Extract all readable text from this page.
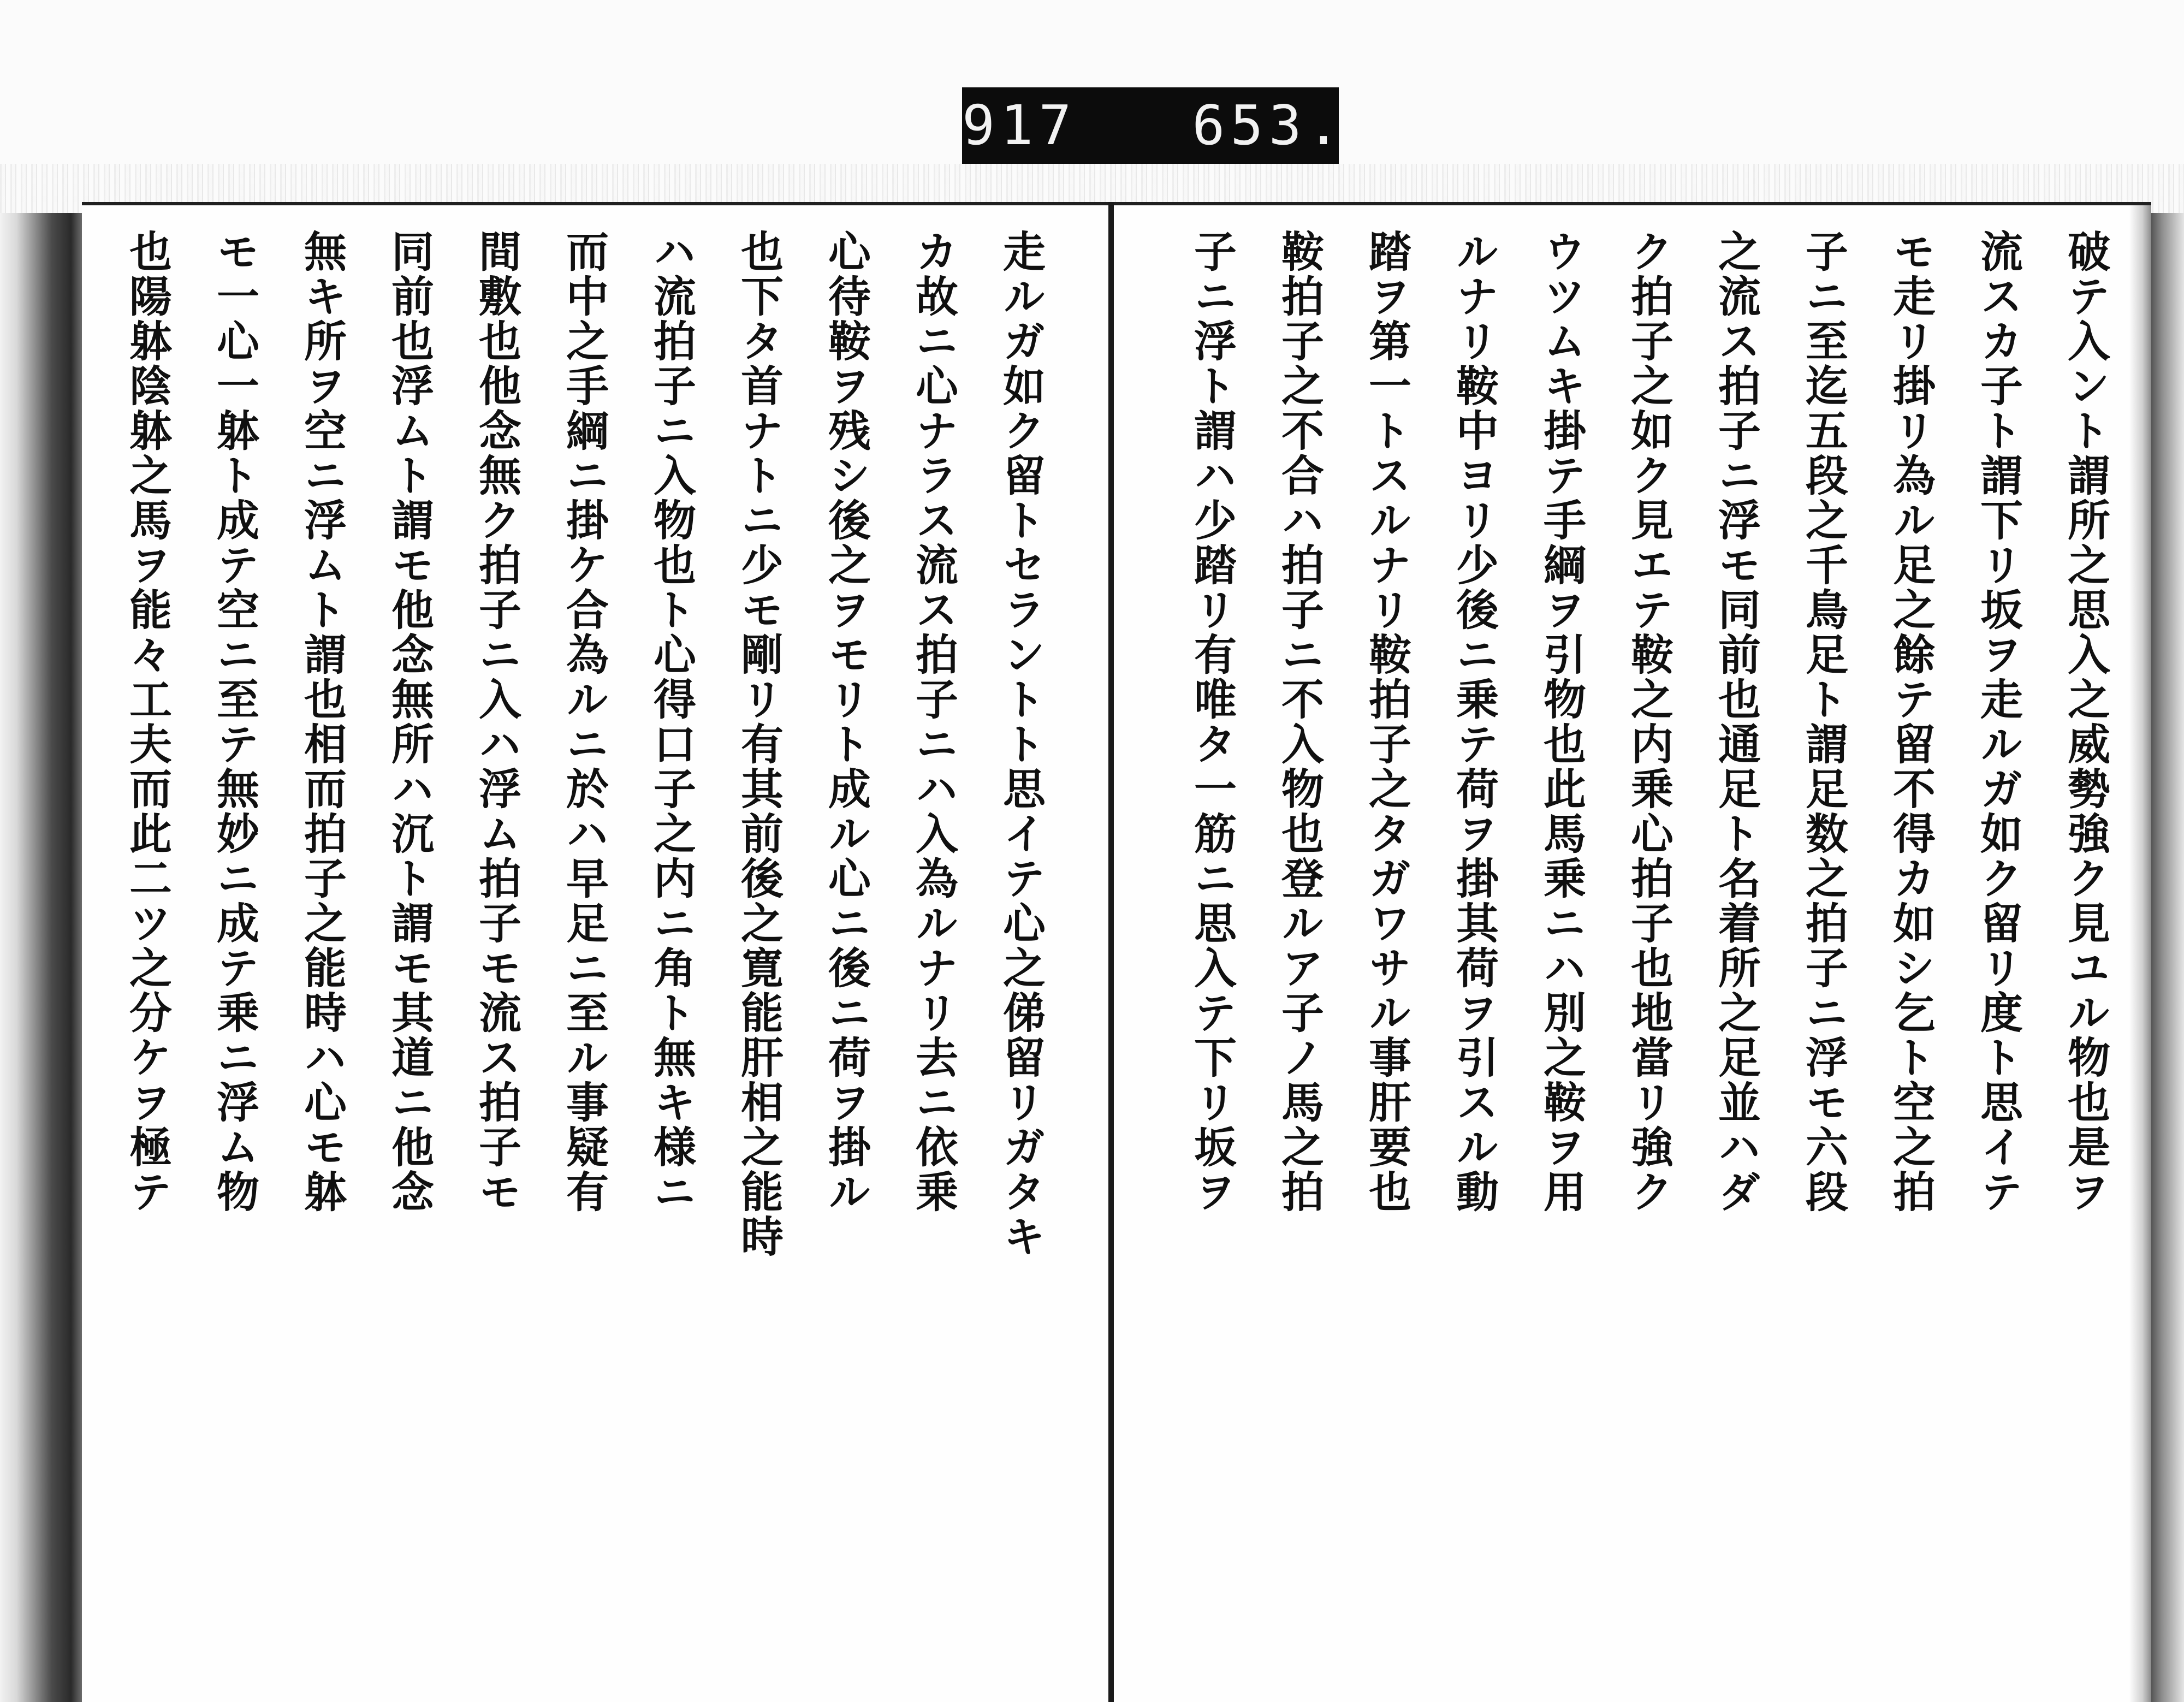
917   653.
破テ入ント謂所之思入之威勢強ク見ユル物也是ヲ
流スカ子ト謂下リ坂ヲ走ルガ如ク留リ度ト思イテ
モ走リ掛リ為ル足之餘テ留不得カ如シ乞ト空之拍
子ニ至迄五段之千鳥足ト謂足数之拍子ニ浮モ六段
之流ス拍子ニ浮モ同前也通足ト名着所之足並ハダ
ク拍子之如ク見エテ鞍之内乗心拍子也地當リ強ク
ウツムキ掛テ手綱ヲ引物也此馬乗ニハ別之鞍ヲ用
ルナリ鞍中ヨリ少後ニ乗テ荷ヲ掛其荷ヲ引スル動
踏ヲ第一トスルナリ鞍拍子之タガワサル事肝要也
鞍拍子之不合ハ拍子ニ不入物也登ルア子ノ馬之拍
子ニ浮ト謂ハ少踏リ有唯タ一筋ニ思入テ下リ坂ヲ
走ルガ如ク留トセラントト思イテ心之俤留リガタキ
カ故ニ心ナラス流ス拍子ニハ入為ルナリ去ニ依乗
心待鞍ヲ残シ後之ヲモリト成ル心ニ後ニ荷ヲ掛ル
也下タ首ナトニ少モ剛リ有其前後之寛能肝相之能時
ハ流拍子ニ入物也ト心得口子之内ニ角ト無キ様ニ
而中之手綱ニ掛ケ合為ルニ於ハ早足ニ至ル事疑有
間敷也他念無ク拍子ニ入ハ浮ム拍子モ流ス拍子モ
同前也浮ムト謂モ他念無所ハ沉ト謂モ其道ニ他念
無キ所ヲ空ニ浮ムト謂也相而拍子之能時ハ心モ躰
モ一心一躰ト成テ空ニ至テ無妙ニ成テ乗ニ浮ム物
也陽躰陰躰之馬ヲ能々工夫而此二ツ之分ケヲ極テ
